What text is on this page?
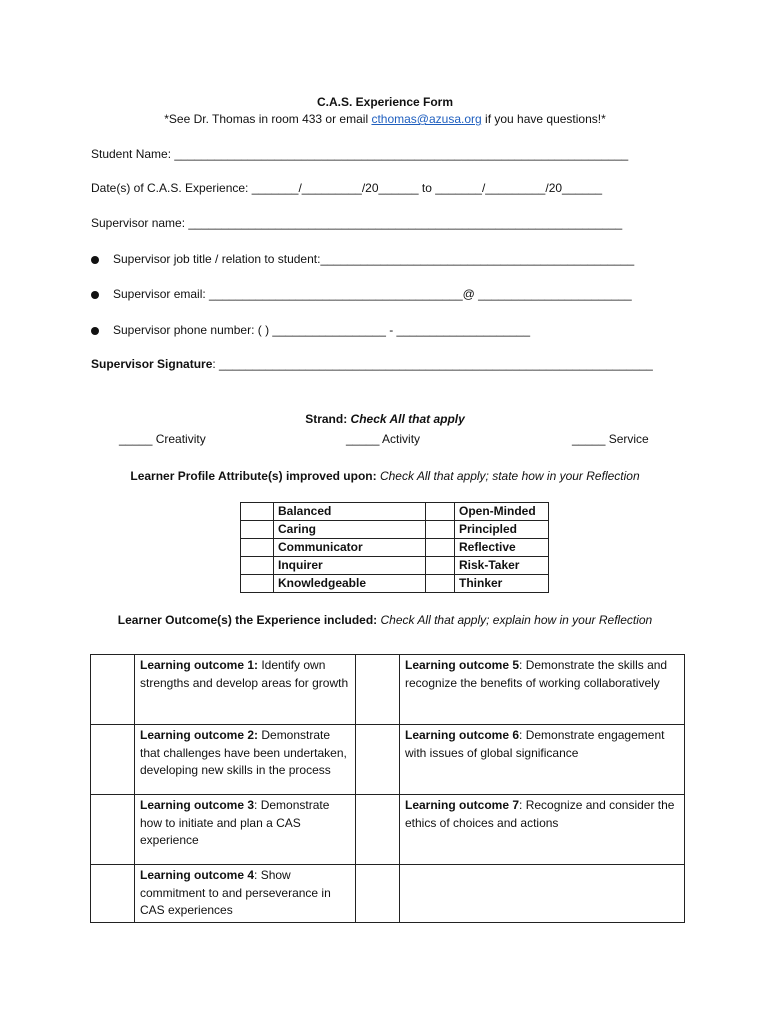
C.A.S. Experience Form
*See Dr. Thomas in room 433 or email cthomas@azusa.org if you have questions!*
Student Name: ____________________________________________________________________
Date(s) of C.A.S. Experience: _______/_________/20______ to _______/_________/20______
Supervisor name: _________________________________________________________________
Supervisor job title / relation to student:_______________________________________________
Supervisor email: ______________________________________@ _______________________
Supervisor phone number: ( ) _________________ - ____________________
Supervisor Signature: _________________________________________________________________
Strand: Check All that apply
_____ Creativity	_____ Activity	_____ Service
Learner Profile Attribute(s) improved upon: Check All that apply; state how in your Reflection
	Balanced		Open-Minded
	Caring		Principled
	Communicator		Reflective
	Inquirer		Risk-Taker
	Knowledgeable		Thinker
Learner Outcome(s) the Experience included: Check All that apply; explain how in your Reflection
	Learning outcome 1: Identify own strengths and develop areas for growth		Learning outcome 5: Demonstrate the skills and recognize the benefits of working collaboratively
	Learning outcome 2: Demonstrate that challenges have been undertaken, developing new skills in the process		Learning outcome 6: Demonstrate engagement with issues of global significance
	Learning outcome 3: Demonstrate how to initiate and plan a CAS experience		Learning outcome 7: Recognize and consider the ethics of choices and actions
	Learning outcome 4: Show commitment to and perseverance in CAS experiences		
